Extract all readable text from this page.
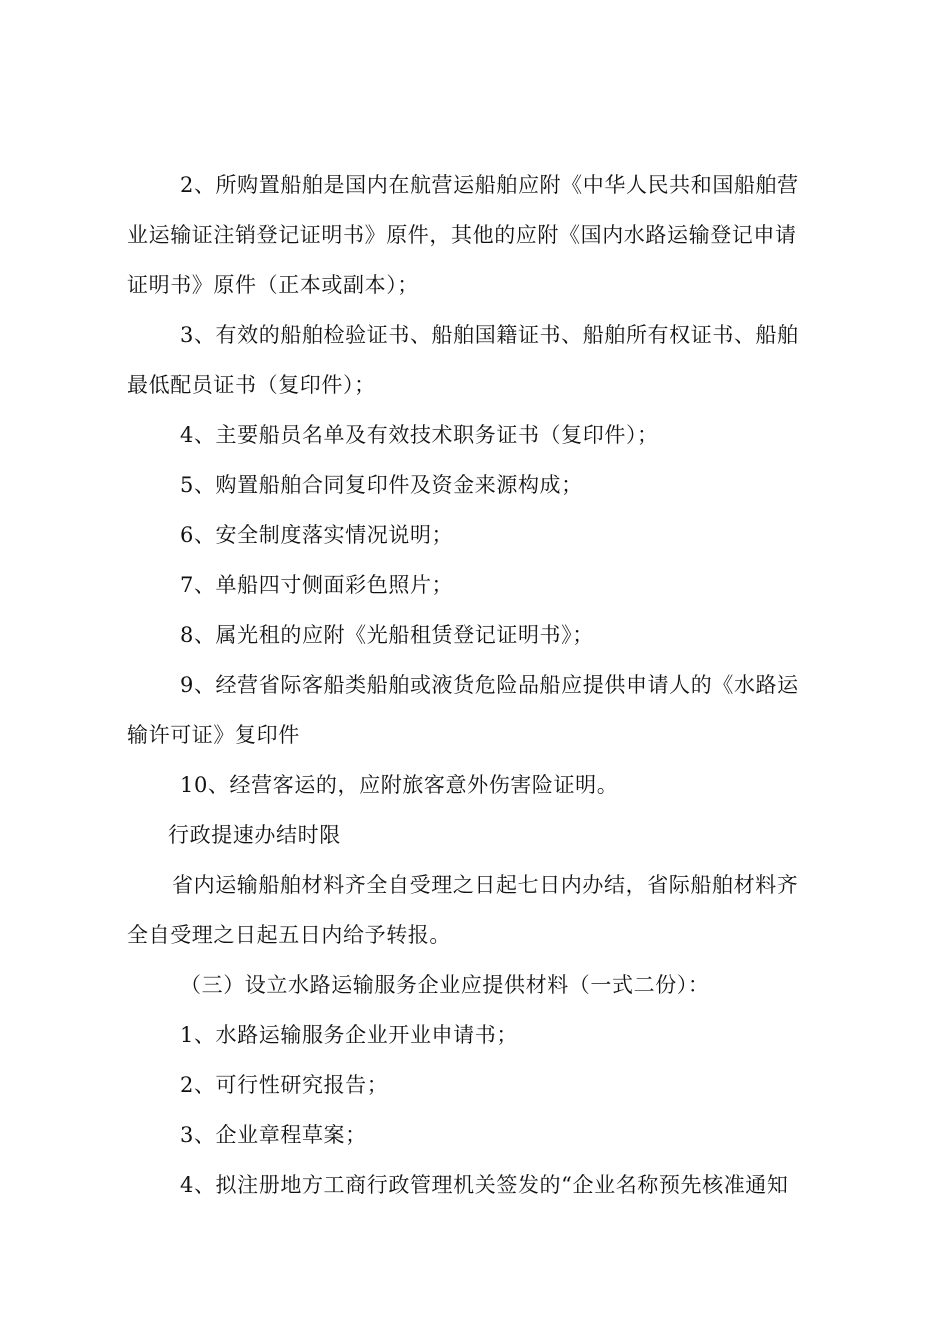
2、所购置船舶是国内在航营运船舶应附《中华人民共和国船舶营
业运输证注销登记证明书》原件，其他的应附《国内水路运输登记申请
证明书》原件（正本或副本）；
3、有效的船舶检验证书、船舶国籍证书、船舶所有权证书、船舶
最低配员证书（复印件）；
4、主要船员名单及有效技术职务证书（复印件）；
5、购置船舶合同复印件及资金来源构成；
6、安全制度落实情况说明；
7、单船四寸侧面彩色照片；
8、属光租的应附《光船租赁登记证明书》；
9、经营省际客船类船舶或液货危险品船应提供申请人的《水路运
输许可证》复印件
10、经营客运的，应附旅客意外伤害险证明。
行政提速办结时限
省内运输船舶材料齐全自受理之日起七日内办结，省际船舶材料齐
全自受理之日起五日内给予转报。
（三）设立水路运输服务企业应提供材料（一式二份）：
1、水路运输服务企业开业申请书；
2、可行性研究报告；
3、企业章程草案；
4、拟注册地方工商行政管理机关签发的“企业名称预先核准通知
